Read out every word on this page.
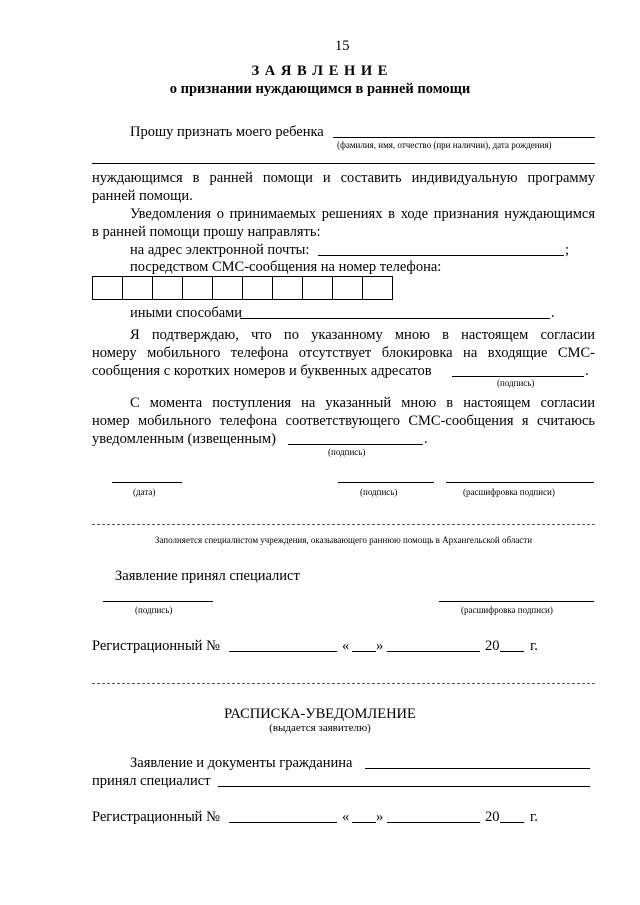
15
З А Я В Л Е Н И Е
о признании нуждающимся в ранней помощи
Прошу признать моего ребенка
(фамилия, имя, отчество (при наличии), дата рождения)
нуждающимся в ранней помощи и составить индивидуальную программу
ранней помощи.
Уведомления о принимаемых решениях в ходе признания нуждающимся
в ранней помощи прошу направлять:
на адрес электронной почты:	;
посредством СМС-сообщения на номер телефона:
иными способами	.
Я подтверждаю, что по указанному мною в настоящем согласии
номеру мобильного телефона отсутствует блокировка на входящие СМС-
сообщения с коротких номеров и буквенных адресатов	.
(подпись)
С момента поступления на указанный мною в настоящем согласии
номер мобильного телефона соответствующего СМС-сообщения я считаюсь
уведомленным (извещенным)	.
(подпись)
(дата)	(подпись)	(расшифровка подписи)
Заполняется специалистом учреждения, оказывающего раннюю помощь в Архангельской области
Заявление принял специалист
(подпись)	(расшифровка подписи)
Регистрационный №	« »	20 г.
РАСПИСКА-УВЕДОМЛЕНИЕ
(выдается заявителю)
Заявление и документы гражданина
принял специалист
Регистрационный №	« »	20 г.
